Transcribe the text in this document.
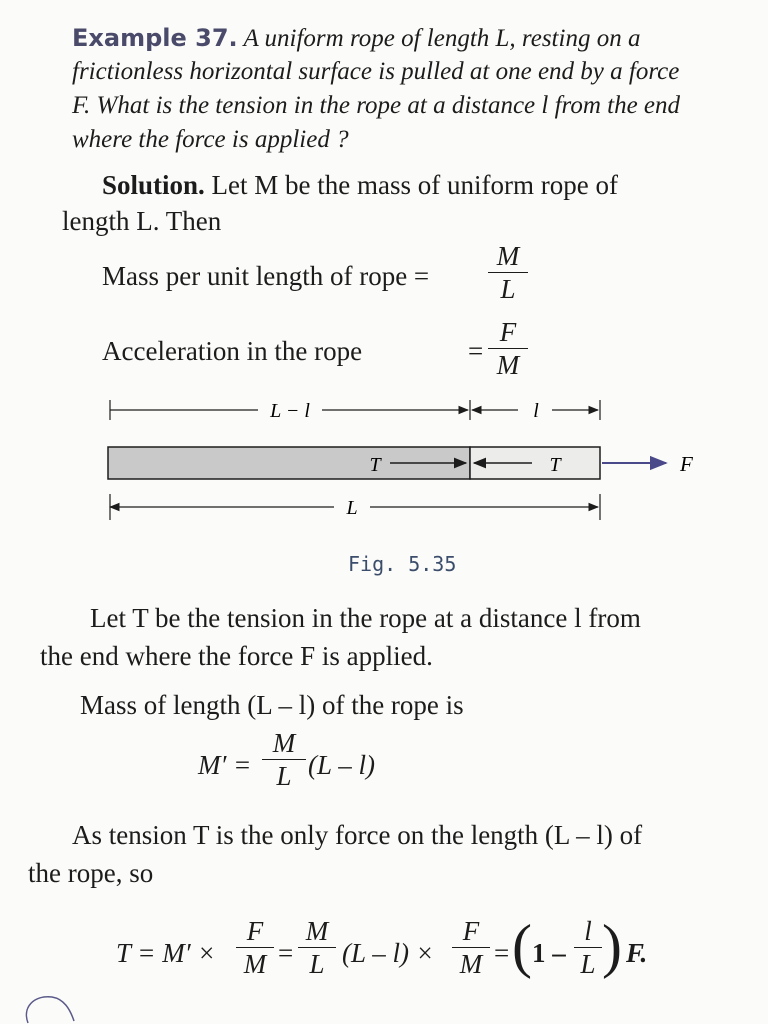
Example 37. A uniform rope of length L, resting on a
frictionless horizontal surface is pulled at one end by a force
F. What is the tension in the rope at a distance l from the end
where the force is applied ?
Solution. Let M be the mass of uniform rope of
length L. Then
Mass per unit length of rope =
M
L
Acceleration in the rope	=
F
M
L − l	l
T	T	F
L
Fig. 5.35
Let T be the tension in the rope at a distance l from
the end where the force F is applied.
Mass of length (L – l) of the rope is
M′ =
M
L (L – l)
As tension T is the only force on the length (L – l) of
the rope, so
T = M′ ×
F
M =
M
L (L – l) ×
F
M = ( 1 –
l
L ) F.
